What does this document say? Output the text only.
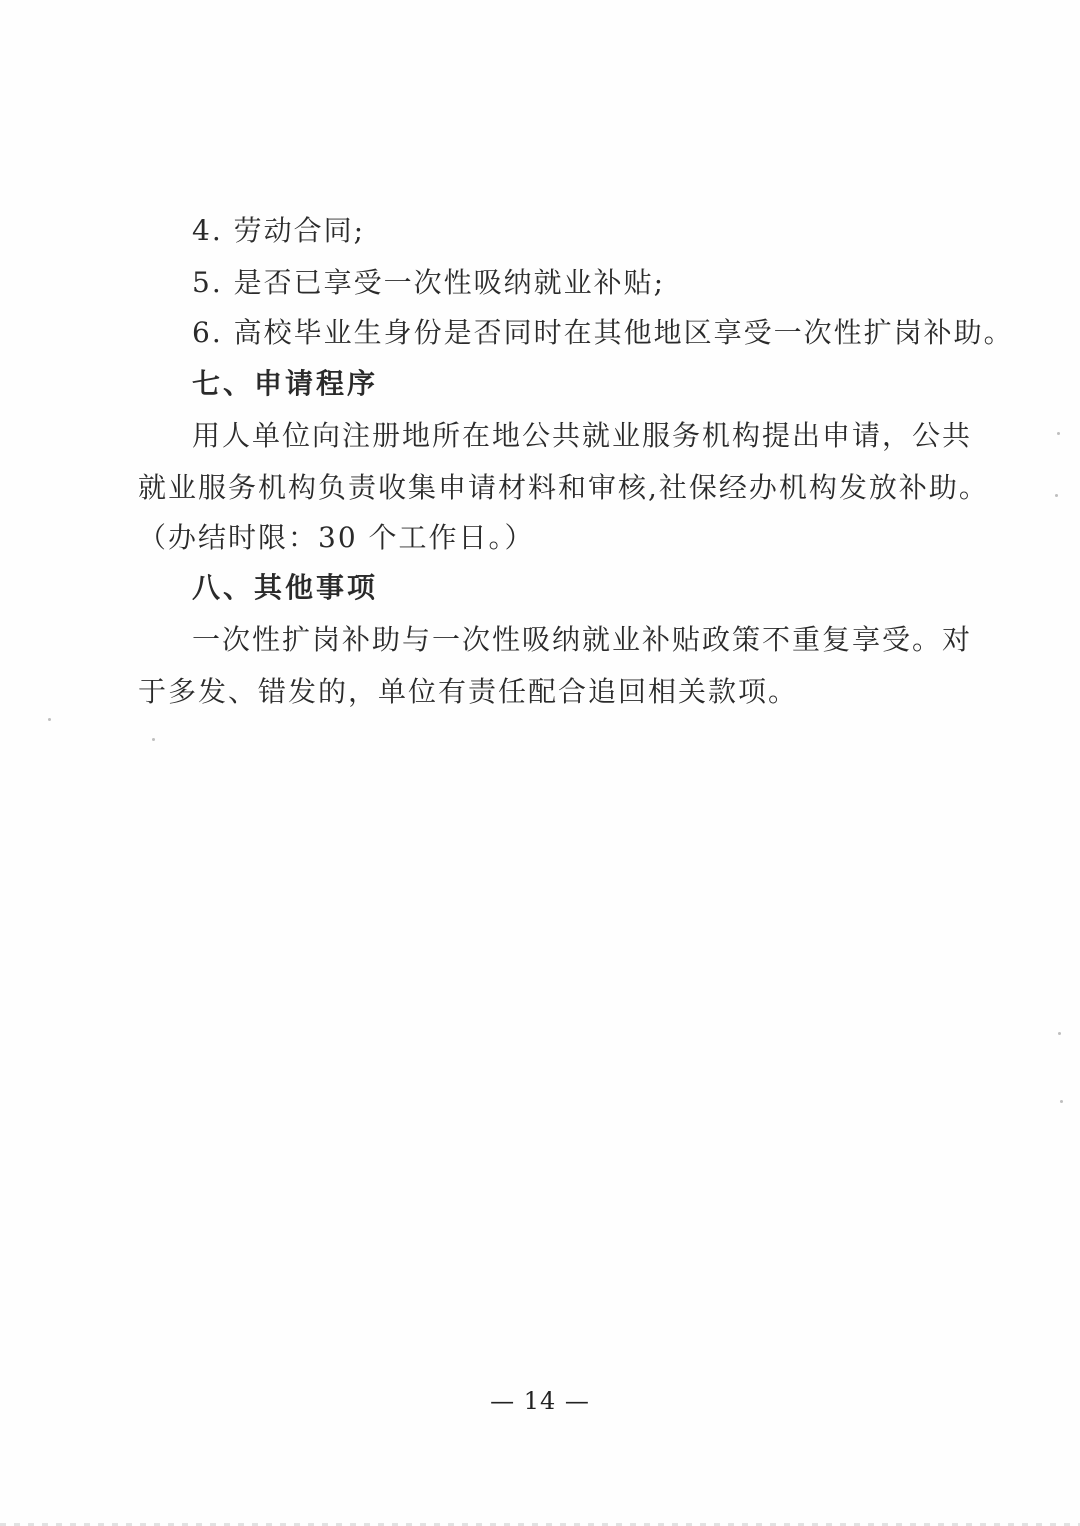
4. 劳动合同;
5. 是否已享受一次性吸纳就业补贴;
6. 高校毕业生身份是否同时在其他地区享受一次性扩岗补助。
七、申请程序
用人单位向注册地所在地公共就业服务机构提出申请，公共
就业服务机构负责收集申请材料和审核,社保经办机构发放补助。
（办结时限：30 个工作日。）
八、其他事项
一次性扩岗补助与一次性吸纳就业补贴政策不重复享受。对
于多发、错发的，单位有责任配合追回相关款项。
— 14 —
